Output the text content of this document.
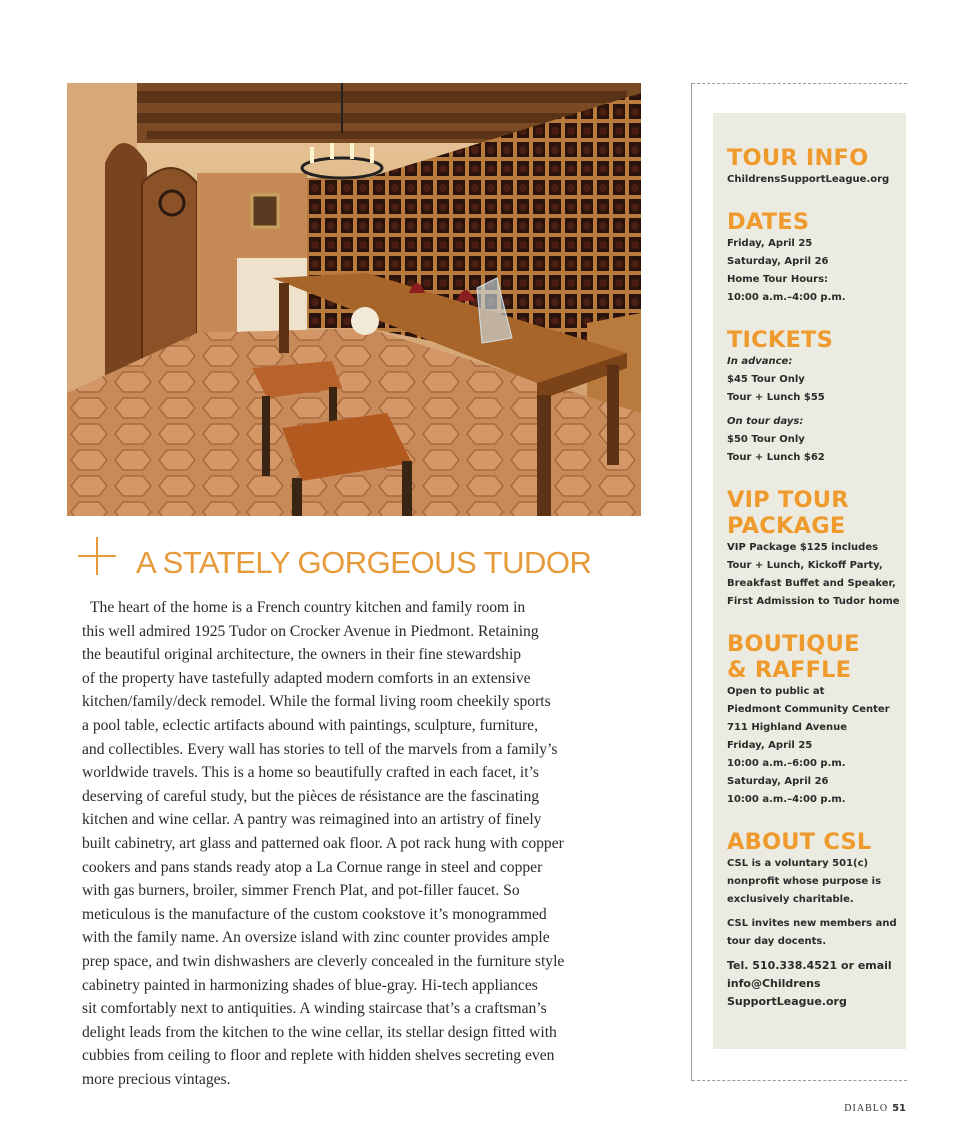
A STATELY GORGEOUS TUDOR
The heart of the home is a French country kitchen and family room in
this well admired 1925 Tudor on Crocker Avenue in Piedmont. Retaining
the beautiful original architecture, the owners in their fine stewardship
of the property have tastefully adapted modern comforts in an extensive
kitchen/family/deck remodel. While the formal living room cheekily sports
a pool table, eclectic artifacts abound with paintings, sculpture, furniture,
and collectibles. Every wall has stories to tell of the marvels from a family’s
worldwide travels. This is a home so beautifully crafted in each facet, it’s
deserving of careful study, but the pièces de résistance are the fascinating
kitchen and wine cellar. A pantry was reimagined into an artistry of finely
built cabinetry, art glass and patterned oak floor. A pot rack hung with copper
cookers and pans stands ready atop a La Cornue range in steel and copper
with gas burners, broiler, simmer French Plat, and pot-filler faucet. So
meticulous is the manufacture of the custom cookstove it’s monogrammed
with the family name. An oversize island with zinc counter provides ample
prep space, and twin dishwashers are cleverly concealed in the furniture style
cabinetry painted in harmonizing shades of blue-gray. Hi-tech appliances
sit comfortably next to antiquities. A winding staircase that’s a craftsman’s
delight leads from the kitchen to the wine cellar, its stellar design fitted with
cubbies from ceiling to floor and replete with hidden shelves secreting even
more precious vintages.
TOUR INFO
ChildrensSupportLeague.org
DATES
Friday, April 25
Saturday, April 26
Home Tour Hours:
10:00 a.m.–4:00 p.m.
TICKETS
In advance:
$45 Tour Only
Tour + Lunch $55
On tour days:
$50 Tour Only
Tour + Lunch $62
VIP TOUR
PACKAGE
VIP Package $125 includes
Tour + Lunch, Kickoff Party,
Breakfast Buffet and Speaker,
First Admission to Tudor home
BOUTIQUE
& RAFFLE
Open to public at
Piedmont Community Center
711 Highland Avenue
Friday, April 25
10:00 a.m.–6:00 p.m.
Saturday, April 26
10:00 a.m.–4:00 p.m.
ABOUT CSL
CSL is a voluntary 501(c)
nonprofit whose purpose is
exclusively charitable.
CSL invites new members and
tour day docents.
Tel. 510.338.4521 or email
info@Childrens
SupportLeague.org
DIABLO 51
